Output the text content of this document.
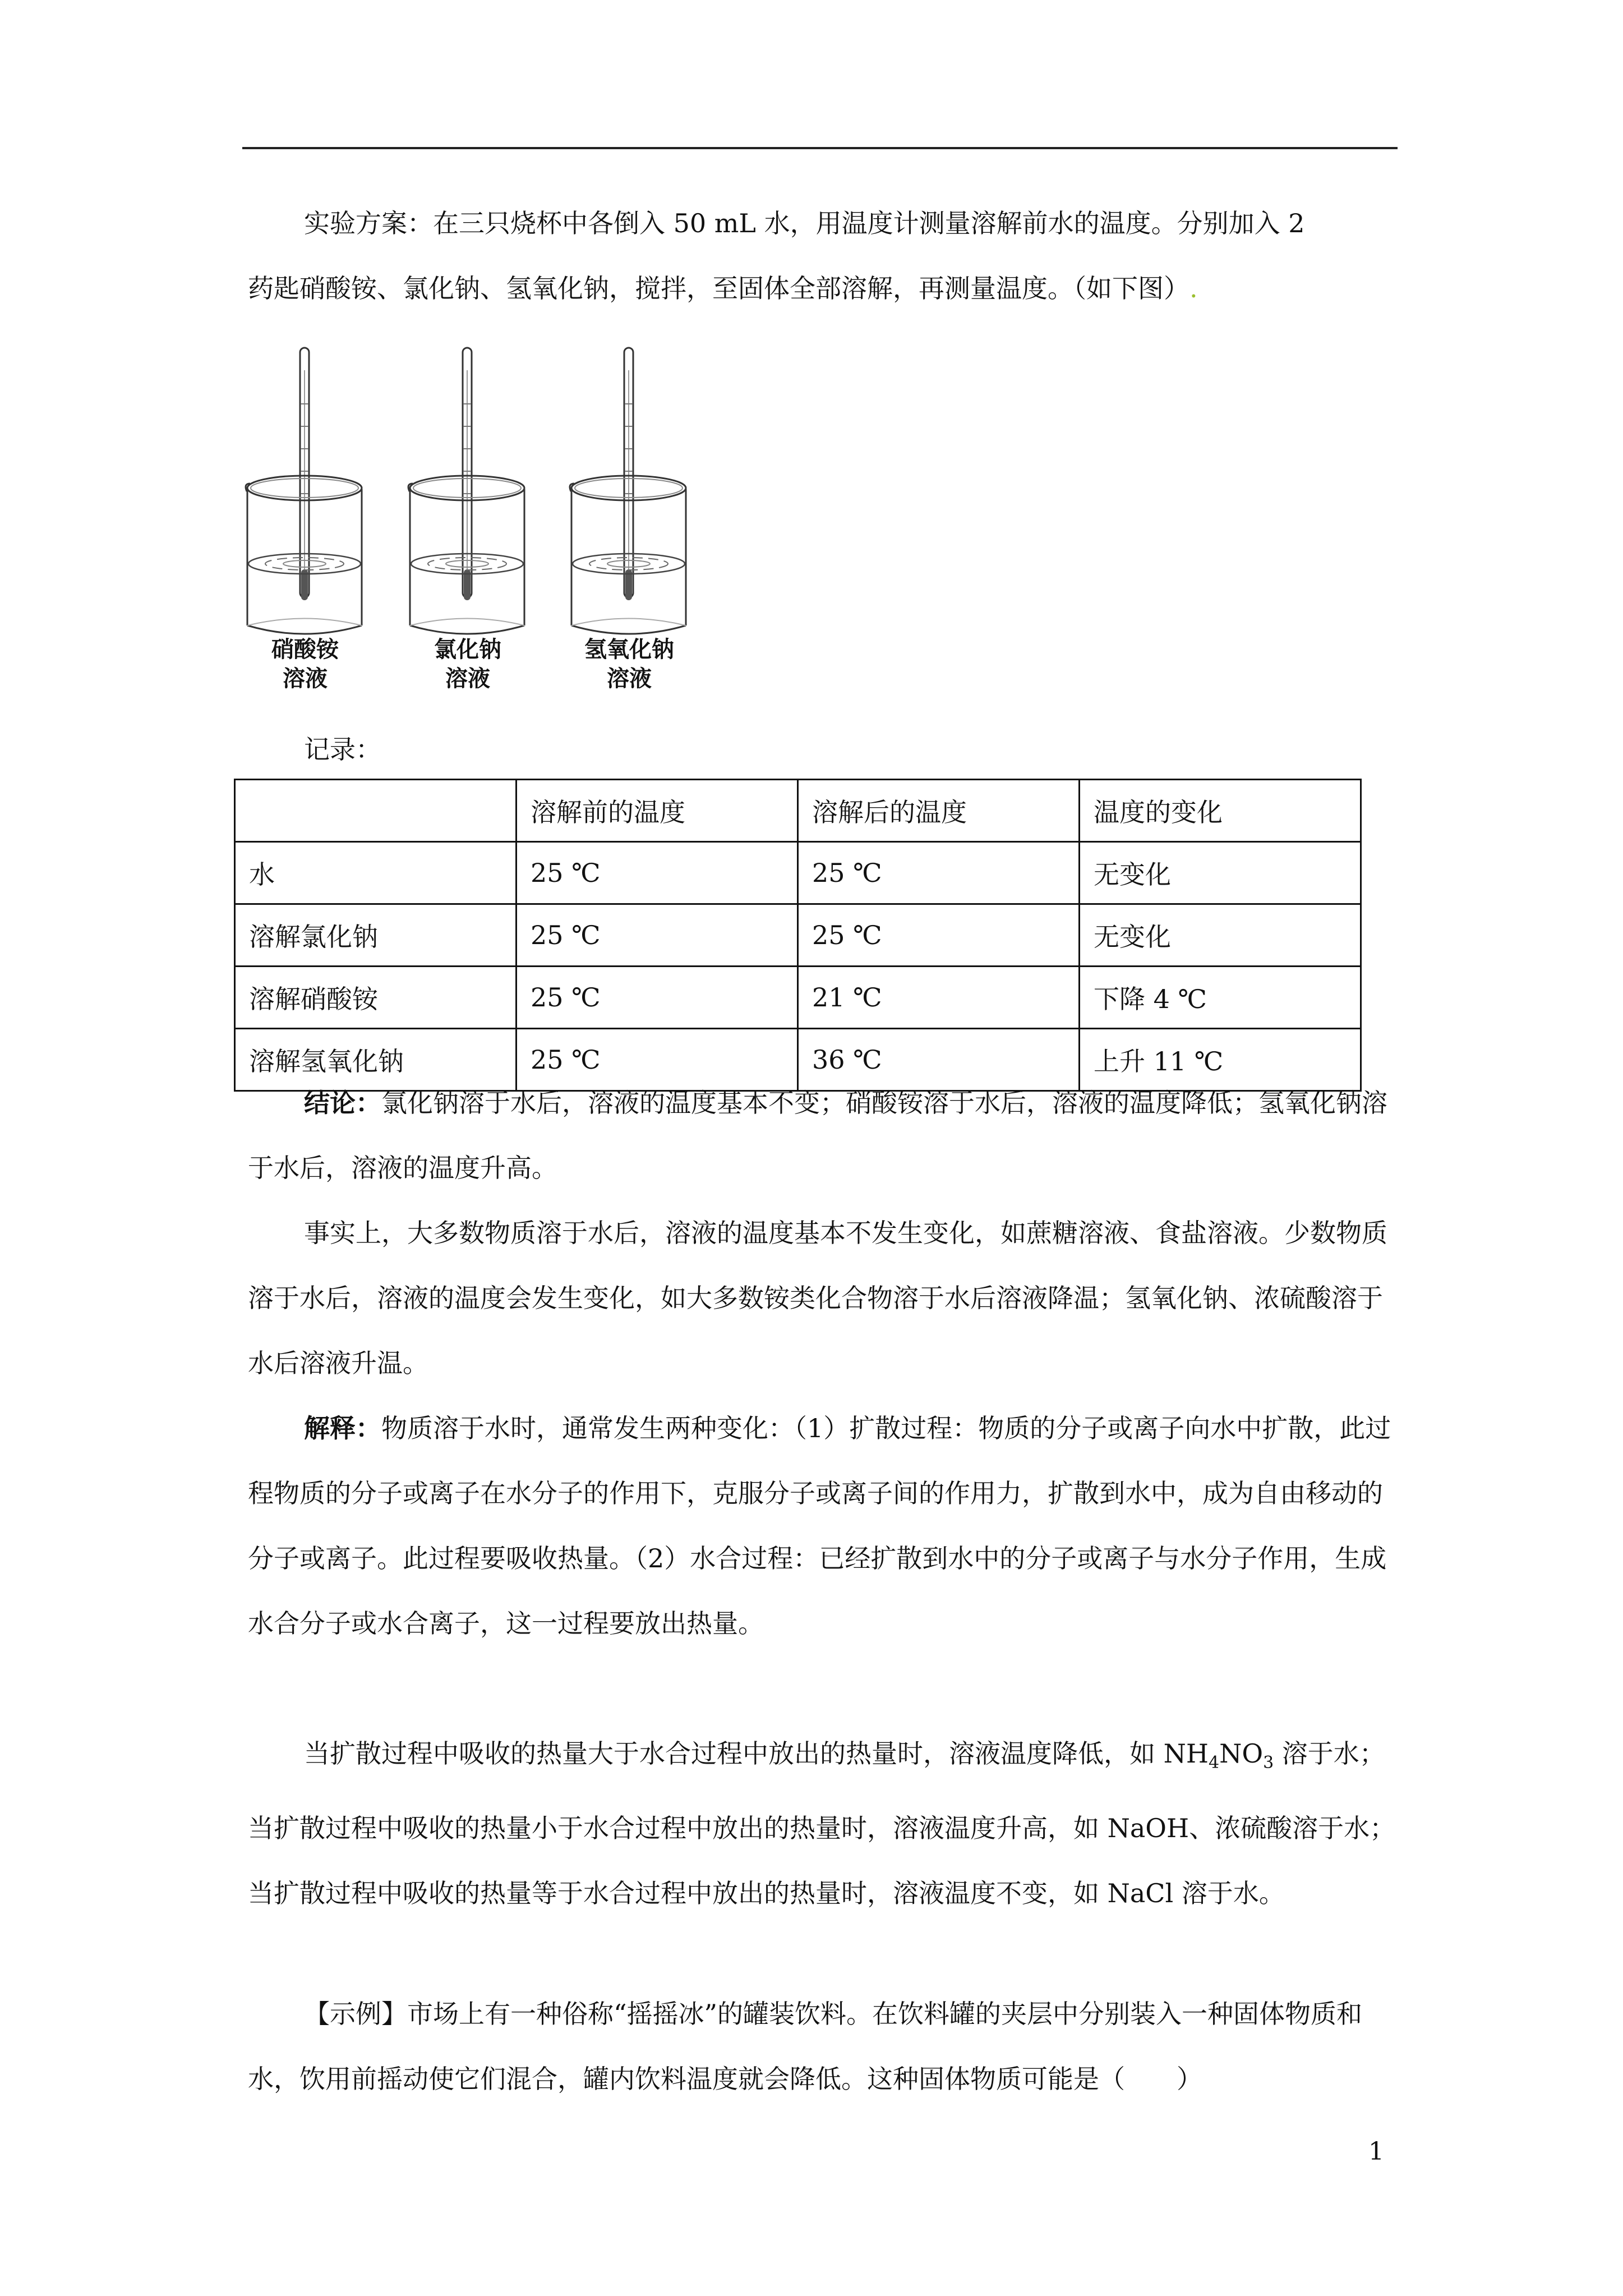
实验方案：在三只烧杯中各倒入 50 mL 水，用温度计测量溶解前水的温度。分别加入 2

药匙硝酸铵、氯化钠、氢氧化钠，搅拌，至固体全部溶解，再测量温度。（如下图）.

硝酸铵
溶液
氯化钠
溶液
氢氧化钠
溶液

记录：

	溶解前的温度	溶解后的温度	温度的变化
水	25 ℃	25 ℃	无变化
溶解氯化钠	25 ℃	25 ℃	无变化
溶解硝酸铵	25 ℃	21 ℃	下降 4 ℃
溶解氢氧化钠	25 ℃	36 ℃	上升 11 ℃

结论：氯化钠溶于水后，溶液的温度基本不变；硝酸铵溶于水后，溶液的温度降低；氢氧化钠溶于水后，溶液的温度升高。

事实上，大多数物质溶于水后，溶液的温度基本不发生变化，如蔗糖溶液、食盐溶液。少数物质溶于水后，溶液的温度会发生变化，如大多数铵类化合物溶于水后溶液降温；氢氧化钠、浓硫酸溶于水后溶液升温。

解释：物质溶于水时，通常发生两种变化：（1）扩散过程：物质的分子或离子向水中扩散，此过程物质的分子或离子在水分子的作用下，克服分子或离子间的作用力，扩散到水中，成为自由移动的分子或离子。此过程要吸收热量。（2）水合过程：已经扩散到水中的分子或离子与水分子作用，生成水合分子或水合离子，这一过程要放出热量。

当扩散过程中吸收的热量大于水合过程中放出的热量时，溶液温度降低，如 $NH_4NO_3$ 溶于水；当扩散过程中吸收的热量小于水合过程中放出的热量时，溶液温度升高，如 NaOH、浓硫酸溶于水；当扩散过程中吸收的热量等于水合过程中放出的热量时，溶液温度不变，如 NaCl 溶于水。

【示例】市场上有一种俗称“摇摇冰”的罐装饮料。在饮料罐的夹层中分别装入一种固体物质和水，饮用前摇动使它们混合，罐内饮料温度就会降低。这种固体物质可能是（　　）

1
